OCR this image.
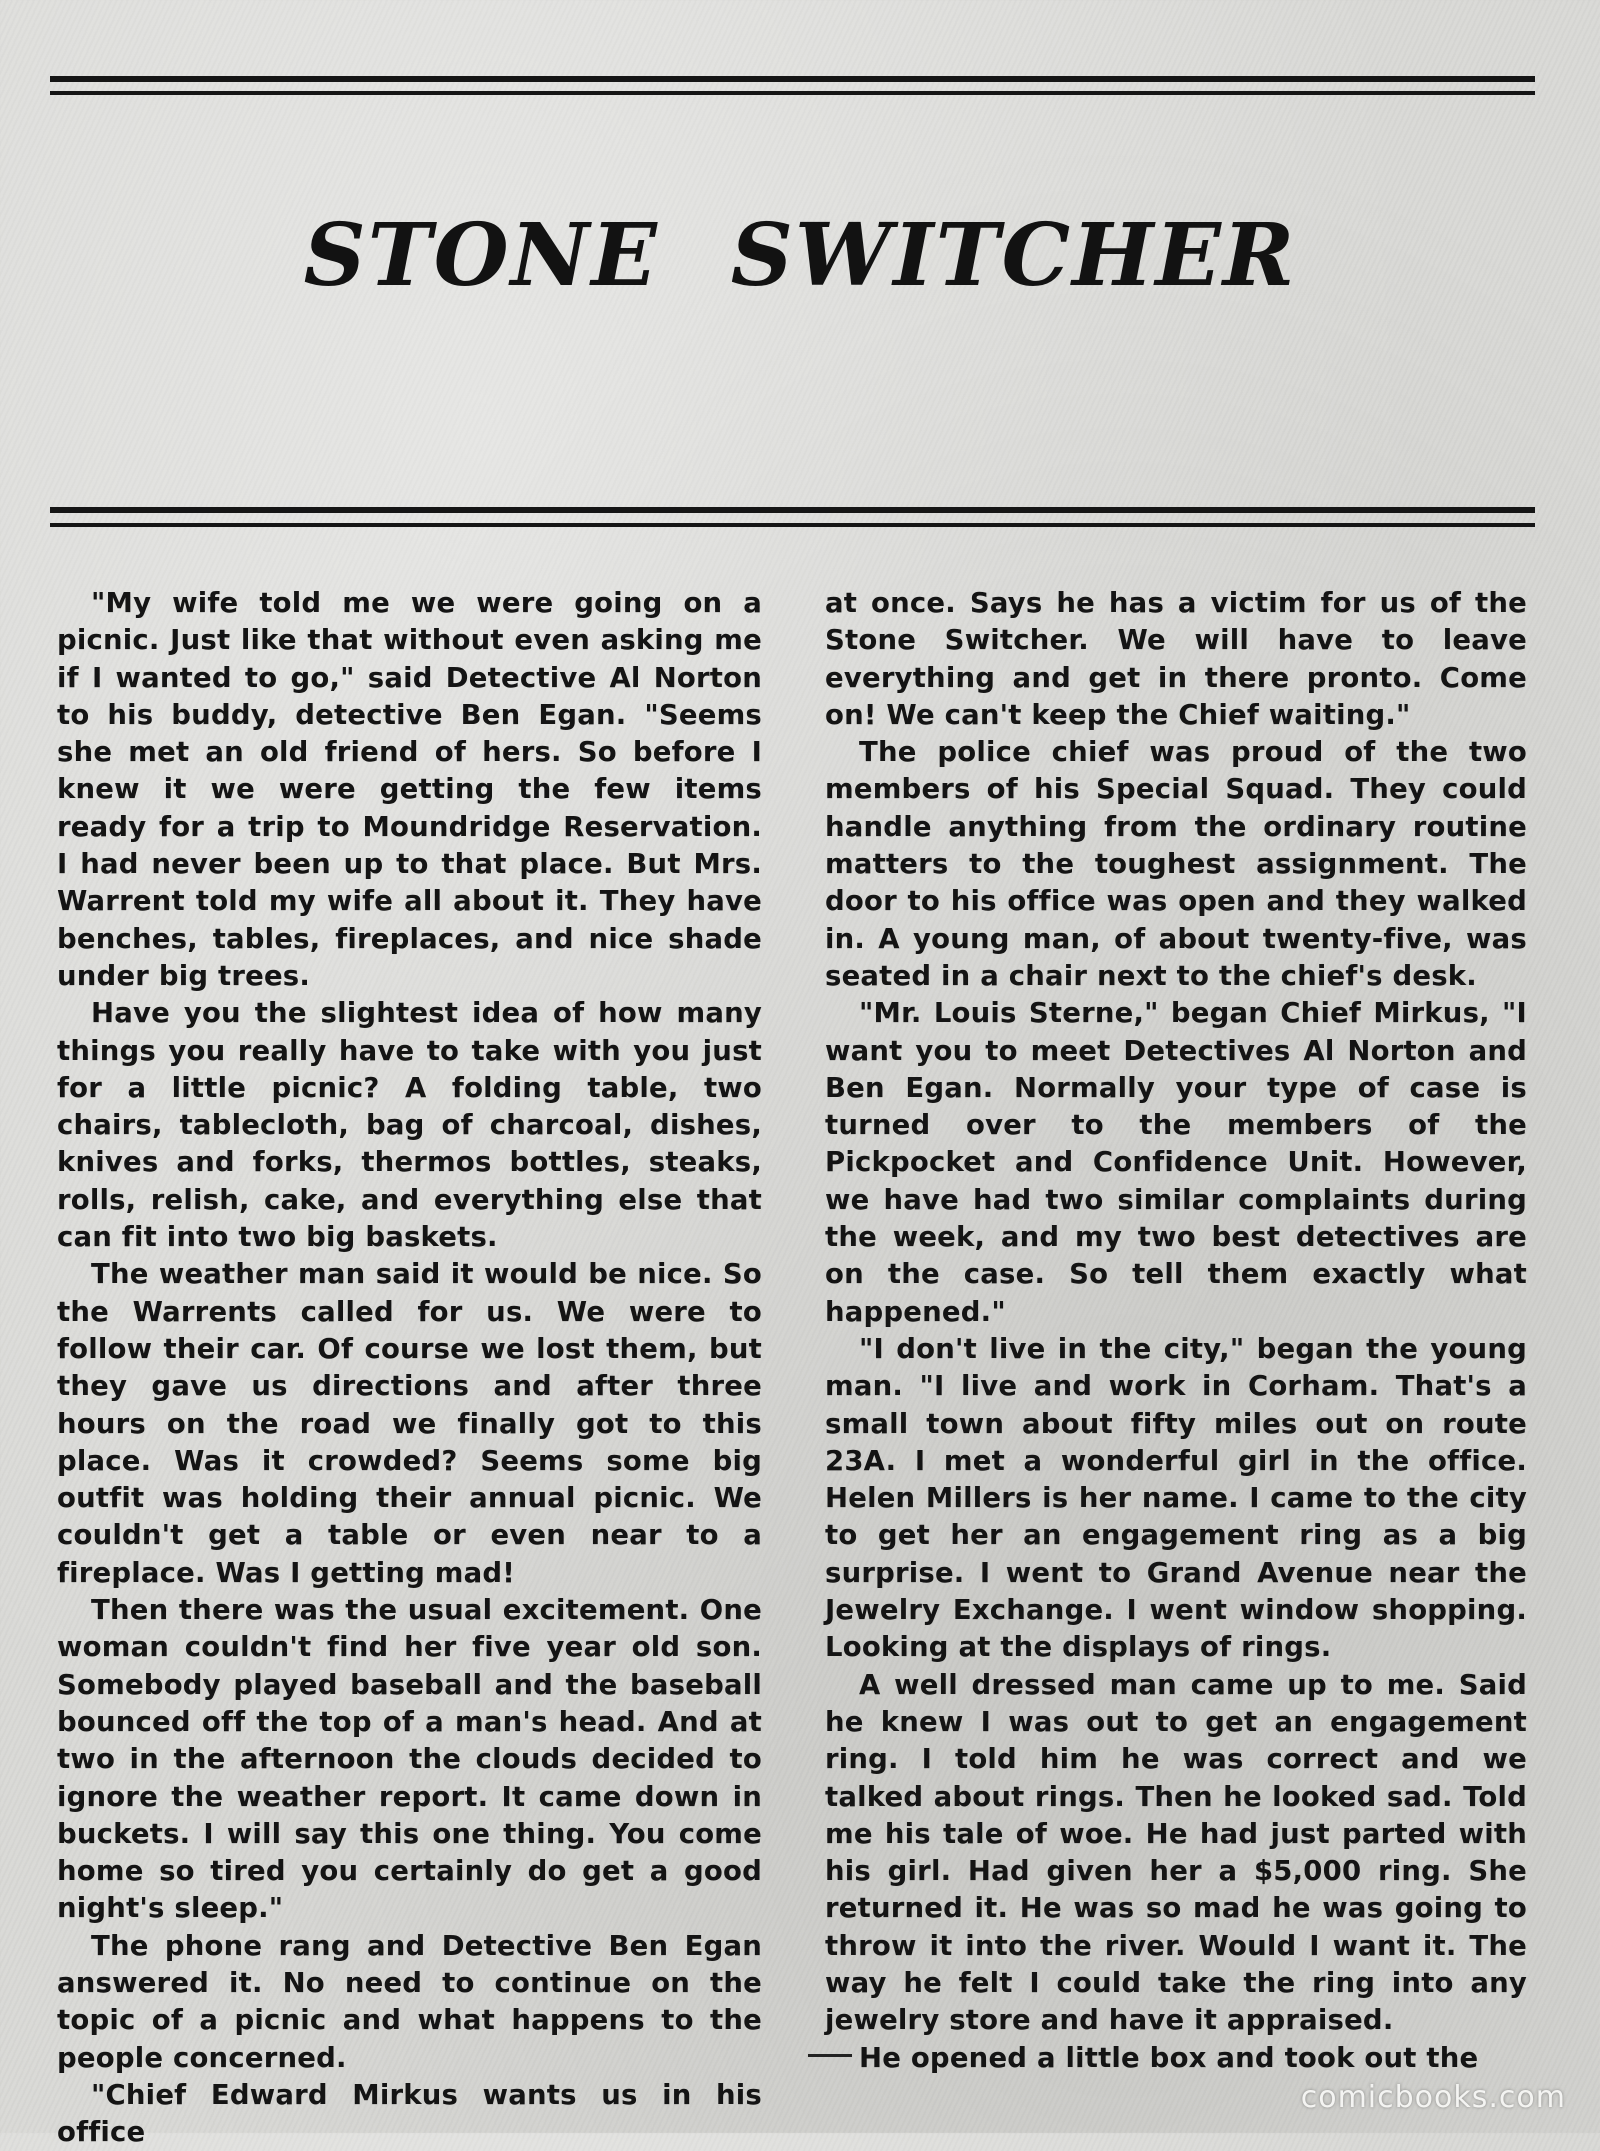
STONE SWITCHER

"My wife told me we were going on a picnic. Just like that without even asking me if I wanted to go," said Detective Al Norton to his buddy, detective Ben Egan. "Seems she met an old friend of hers. So before I knew it we were getting the few items ready for a trip to Moundridge Reservation. I had never been up to that place. But Mrs. Warrent told my wife all about it. They have benches, tables, fireplaces, and nice shade under big trees.

Have you the slightest idea of how many things you really have to take with you just for a little picnic? A folding table, two chairs, tablecloth, bag of charcoal, dishes, knives and forks, thermos bottles, steaks, rolls, relish, cake, and everything else that can fit into two big baskets.

The weather man said it would be nice. So the Warrents called for us. We were to follow their car. Of course we lost them, but they gave us directions and after three hours on the road we finally got to this place. Was it crowded? Seems some big outfit was holding their annual picnic. We couldn't get a table or even near to a fireplace. Was I getting mad!

Then there was the usual excitement. One woman couldn't find her five year old son. Somebody played baseball and the baseball bounced off the top of a man's head. And at two in the afternoon the clouds decided to ignore the weather report. It came down in buckets. I will say this one thing. You come home so tired you certainly do get a good night's sleep."

The phone rang and Detective Ben Egan answered it. No need to continue on the topic of a picnic and what happens to the people concerned.

"Chief Edward Mirkus wants us in his office

at once. Says he has a victim for us of the Stone Switcher. We will have to leave everything and get in there pronto. Come on! We can't keep the Chief waiting."

The police chief was proud of the two members of his Special Squad. They could handle anything from the ordinary routine matters to the toughest assignment. The door to his office was open and they walked in. A young man, of about twenty-five, was seated in a chair next to the chief's desk.

"Mr. Louis Sterne," began Chief Mirkus, "I want you to meet Detectives Al Norton and Ben Egan. Normally your type of case is turned over to the members of the Pickpocket and Confidence Unit. However, we have had two similar complaints during the week, and my two best detectives are on the case. So tell them exactly what happened."

"I don't live in the city," began the young man. "I live and work in Corham. That's a small town about fifty miles out on route 23A. I met a wonderful girl in the office. Helen Millers is her name. I came to the city to get her an engagement ring as a big surprise. I went to Grand Avenue near the Jewelry Exchange. I went window shopping. Looking at the displays of rings.

A well dressed man came up to me. Said he knew I was out to get an engagement ring. I told him he was correct and we talked about rings. Then he looked sad. Told me his tale of woe. He had just parted with his girl. Had given her a $5,000 ring. She returned it. He was so mad he was going to throw it into the river. Would I want it. The way he felt I could take the ring into any jewelry store and have it appraised.

He opened a little box and took out the

comicbooks.com
